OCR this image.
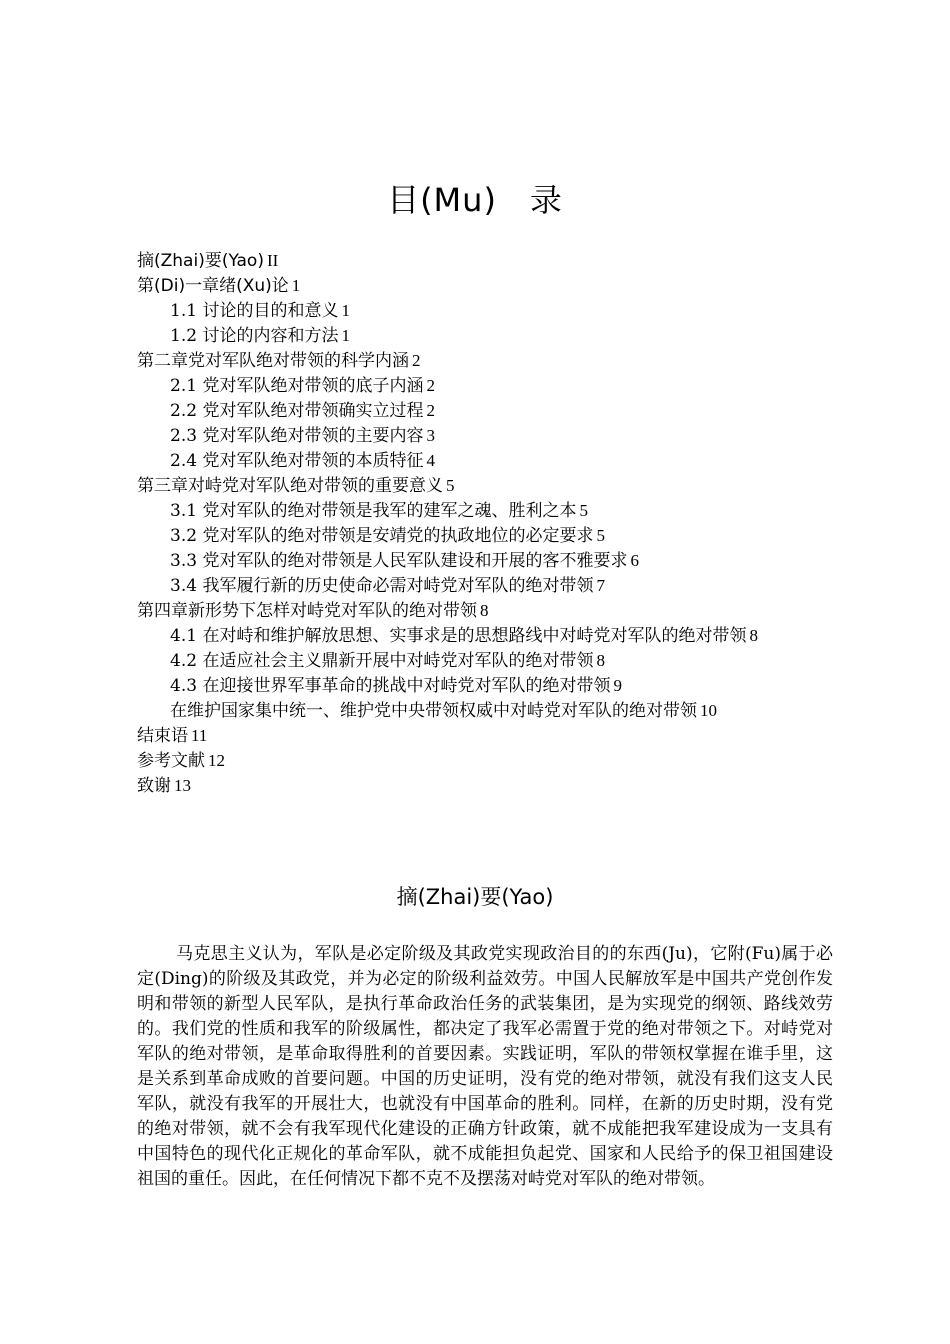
目(Mu)　录
摘(Zhai)要(Yao) II
第(Di)一章绪(Xu)论 1
1.1 讨论的目的和意义 1
1.2 讨论的内容和方法 1
第二章党对军队绝对带领的科学内涵 2
2.1 党对军队绝对带领的底子内涵 2
2.2 党对军队绝对带领确实立过程 2
2.3 党对军队绝对带领的主要内容 3
2.4 党对军队绝对带领的本质特征 4
第三章对峙党对军队绝对带领的重要意义 5
3.1 党对军队的绝对带领是我军的建军之魂、胜利之本 5
3.2 党对军队的绝对带领是安靖党的执政地位的必定要求 5
3.3 党对军队的绝对带领是人民军队建设和开展的客不雅要求 6
3.4 我军履行新的历史使命必需对峙党对军队的绝对带领 7
第四章新形势下怎样对峙党对军队的绝对带领 8
4.1 在对峙和维护解放思想、实事求是的思想路线中对峙党对军队的绝对带领 8
4.2 在适应社会主义鼎新开展中对峙党对军队的绝对带领 8
4.3 在迎接世界军事革命的挑战中对峙党对军队的绝对带领 9
在维护国家集中统一、维护党中央带领权威中对峙党对军队的绝对带领 10
结束语 11
参考文献 12
致谢 13
摘(Zhai)要(Yao)

马克思主义认为，军队是必定阶级及其政党实现政治目的的东西(Ju)，它附(Fu)属于必定(Ding)的阶级及其政党，并为必定的阶级利益效劳。中国人民解放军是中国共产党创作发明和带领的新型人民军队，是执行革命政治任务的武装集团，是为实现党的纲领、路线效劳的。我们党的性质和我军的阶级属性，都决定了我军必需置于党的绝对带领之下。对峙党对军队的绝对带领，是革命取得胜利的首要因素。实践证明，军队的带领权掌握在谁手里，这是关系到革命成败的首要问题。中国的历史证明，没有党的绝对带领，就没有我们这支人民军队，就没有我军的开展壮大，也就没有中国革命的胜利。同样，在新的历史时期，没有党的绝对带领，就不会有我军现代化建设的正确方针政策，就不成能把我军建设成为一支具有中国特色的现代化正规化的革命军队，就不成能担负起党、国家和人民给予的保卫祖国建设祖国的重任。因此，在任何情况下都不克不及摆荡对峙党对军队的绝对带领。
